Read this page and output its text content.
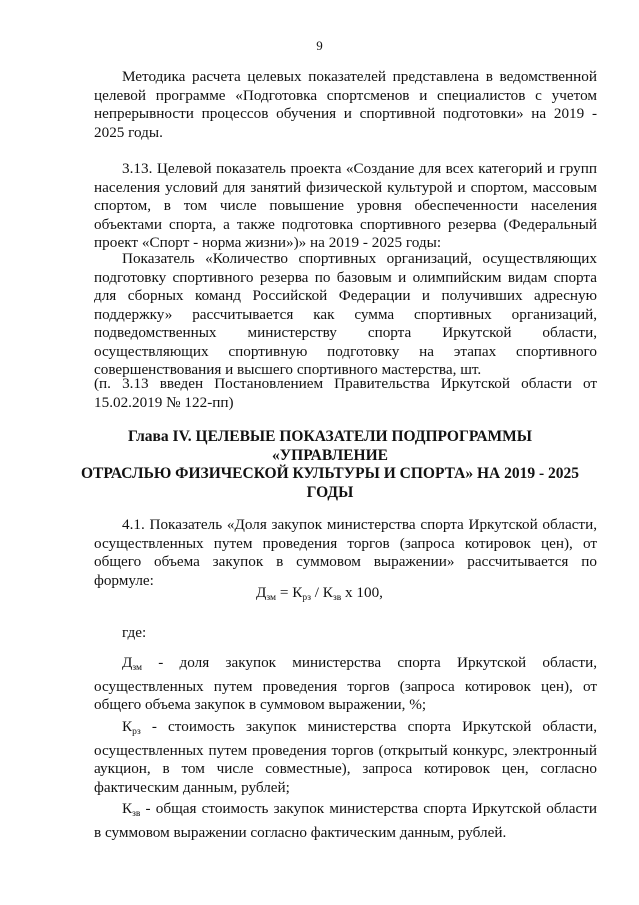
9

Методика расчета целевых показателей представлена в ведомственной целевой программе «Подготовка спортсменов и специалистов с учетом непрерывности процессов обучения и спортивной подготовки» на 2019 - 2025 годы.

3.13. Целевой показатель проекта «Создание для всех категорий и групп населения условий для занятий физической культурой и спортом, массовым спортом, в том числе повышение уровня обеспеченности населения объектами спорта, а также подготовка спортивного резерва (Федеральный проект «Спорт - норма жизни»)» на 2019 - 2025 годы:

Показатель «Количество спортивных организаций, осуществляющих подготовку спортивного резерва по базовым и олимпийским видам спорта для сборных команд Российской Федерации и получивших адресную поддержку» рассчитывается как сумма спортивных организаций, подведомственных министерству спорта Иркутской области, осуществляющих спортивную подготовку на этапах спортивного совершенствования и высшего спортивного мастерства, шт.

(п. 3.13 введен Постановлением Правительства Иркутской области от 15.02.2019 № 122-пп)

Глава IV. ЦЕЛЕВЫЕ ПОКАЗАТЕЛИ ПОДПРОГРАММЫ
«УПРАВЛЕНИЕ
ОТРАСЛЬЮ ФИЗИЧЕСКОЙ КУЛЬТУРЫ И СПОРТА» НА 2019 - 2025
ГОДЫ

4.1. Показатель «Доля закупок министерства спорта Иркутской области, осуществленных путем проведения торгов (запроса котировок цен), от общего объема закупок в суммовом выражении» рассчитывается по формуле:

$Д_{зм} = К_{рз} / К_{зв}$ х 100,

где:

$Д_{зм}$ - доля закупок министерства спорта Иркутской области, осуществленных путем проведения торгов (запроса котировок цен), от общего объема закупок в суммовом выражении, %;

$К_{рз}$ - стоимость закупок министерства спорта Иркутской области, осуществленных путем проведения торгов (открытый конкурс, электронный аукцион, в том числе совместные), запроса котировок цен, согласно фактическим данным, рублей;

$К_{зв}$ - общая стоимость закупок министерства спорта Иркутской области в суммовом выражении согласно фактическим данным, рублей.
